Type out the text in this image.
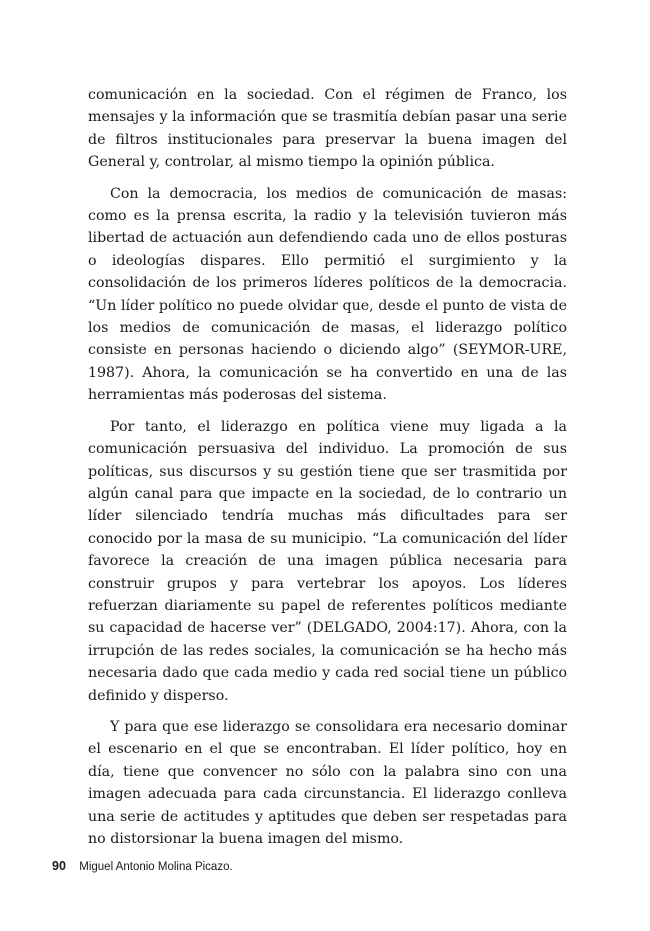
comunicación en la sociedad. Con el régimen de Franco, los mensajes y la información que se trasmitía debían pasar una serie de filtros institucionales para preservar la buena imagen del General y, controlar, al mismo tiempo la opinión pública.

Con la democracia, los medios de comunicación de masas: como es la prensa escrita, la radio y la televisión tuvieron más libertad de actuación aun defendiendo cada uno de ellos posturas o ideologías dispares. Ello permitió el surgimiento y la consolidación de los primeros líderes políticos de la democracia. “Un líder político no puede olvidar que, desde el punto de vista de los medios de comunicación de masas, el liderazgo político consiste en personas haciendo o diciendo algo” (SEYMOR-URE, 1987). Ahora, la comunicación se ha convertido en una de las herramientas más poderosas del sistema.

Por tanto, el liderazgo en política viene muy ligada a la comunicación persuasiva del individuo. La promoción de sus políticas, sus discursos y su gestión tiene que ser trasmitida por algún canal para que impacte en la sociedad, de lo contrario un líder silenciado tendría muchas más dificultades para ser conocido por la masa de su municipio. “La comunicación del líder favorece la creación de una imagen pública necesaria para construir grupos y para vertebrar los apoyos. Los líderes refuerzan diariamente su papel de referentes políticos mediante su capacidad de hacerse ver” (DELGADO, 2004:17). Ahora, con la irrupción de las redes sociales, la comunicación se ha hecho más necesaria dado que cada medio y cada red social tiene un público definido y disperso.

Y para que ese liderazgo se consolidara era necesario dominar el escenario en el que se encontraban. El líder político, hoy en día, tiene que convencer no sólo con la palabra sino con una imagen adecuada para cada circunstancia. El liderazgo conlleva una serie de actitudes y aptitudes que deben ser respetadas para no distorsionar la buena imagen del mismo.

90 Miguel Antonio Molina Picazo.
